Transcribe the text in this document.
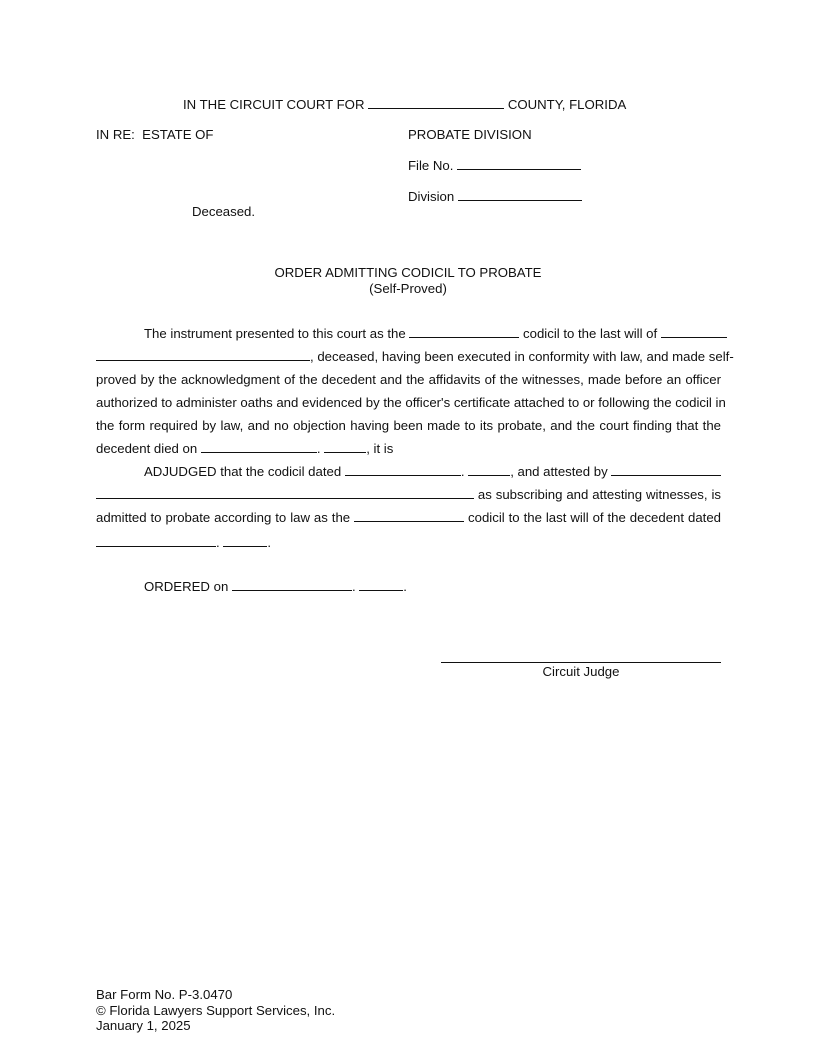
IN THE CIRCUIT COURT FOR	COUNTY, FLORIDA
IN RE:  ESTATE OF	PROBATE DIVISION
File No.
Division
Deceased.
ORDER ADMITTING CODICIL TO PROBATE
(Self-Proved)
The instrument presented to this court as the	codicil to the last will of
, deceased, having been executed in conformity with law, and made self-
proved by the acknowledgment of the decedent and the affidavits of the witnesses, made before an officer
authorized to administer oaths and evidenced by the officer's certificate attached to or following the codicil in
the form required by law, and no objection having been made to its probate, and the court finding that the
decedent died on	.	, it is
ADJUDGED that the codicil dated	.	, and attested by
as subscribing and attesting witnesses, is
admitted to probate according to law as the	codicil to the last will of the decedent dated
.	.
ORDERED on	.	.
Circuit Judge
Bar Form No. P-3.0470
© Florida Lawyers Support Services, Inc.
January 1, 2025
